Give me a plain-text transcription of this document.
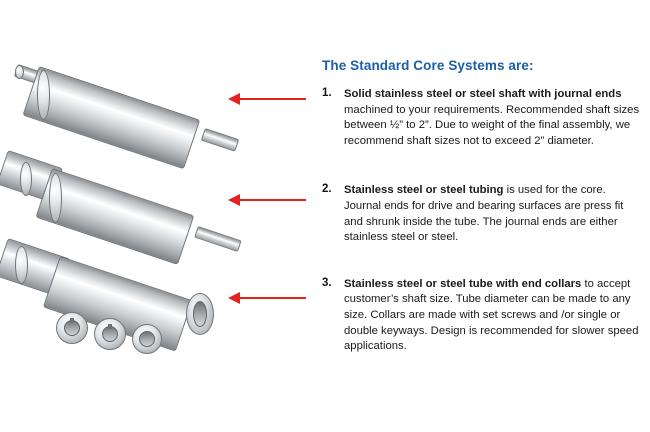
The Standard Core Systems are:
1. Solid stainless steel or steel shaft with journal ends machined to your requirements. Recommended shaft sizes between ½” to 2”. Due to weight of the final assembly, we recommend shaft sizes not to exceed 2” diameter.
2. Stainless steel or steel tubing is used for the core. Journal ends for drive and bearing surfaces are press fit and shrunk inside the tube. The journal ends are either stainless steel or steel.
3. Stainless steel or steel tube with end collars to accept customer’s shaft size. Tube diameter can be made to any size. Collars are made with set screws and /or single or double keyways. Design is recommended for slower speed applications.
